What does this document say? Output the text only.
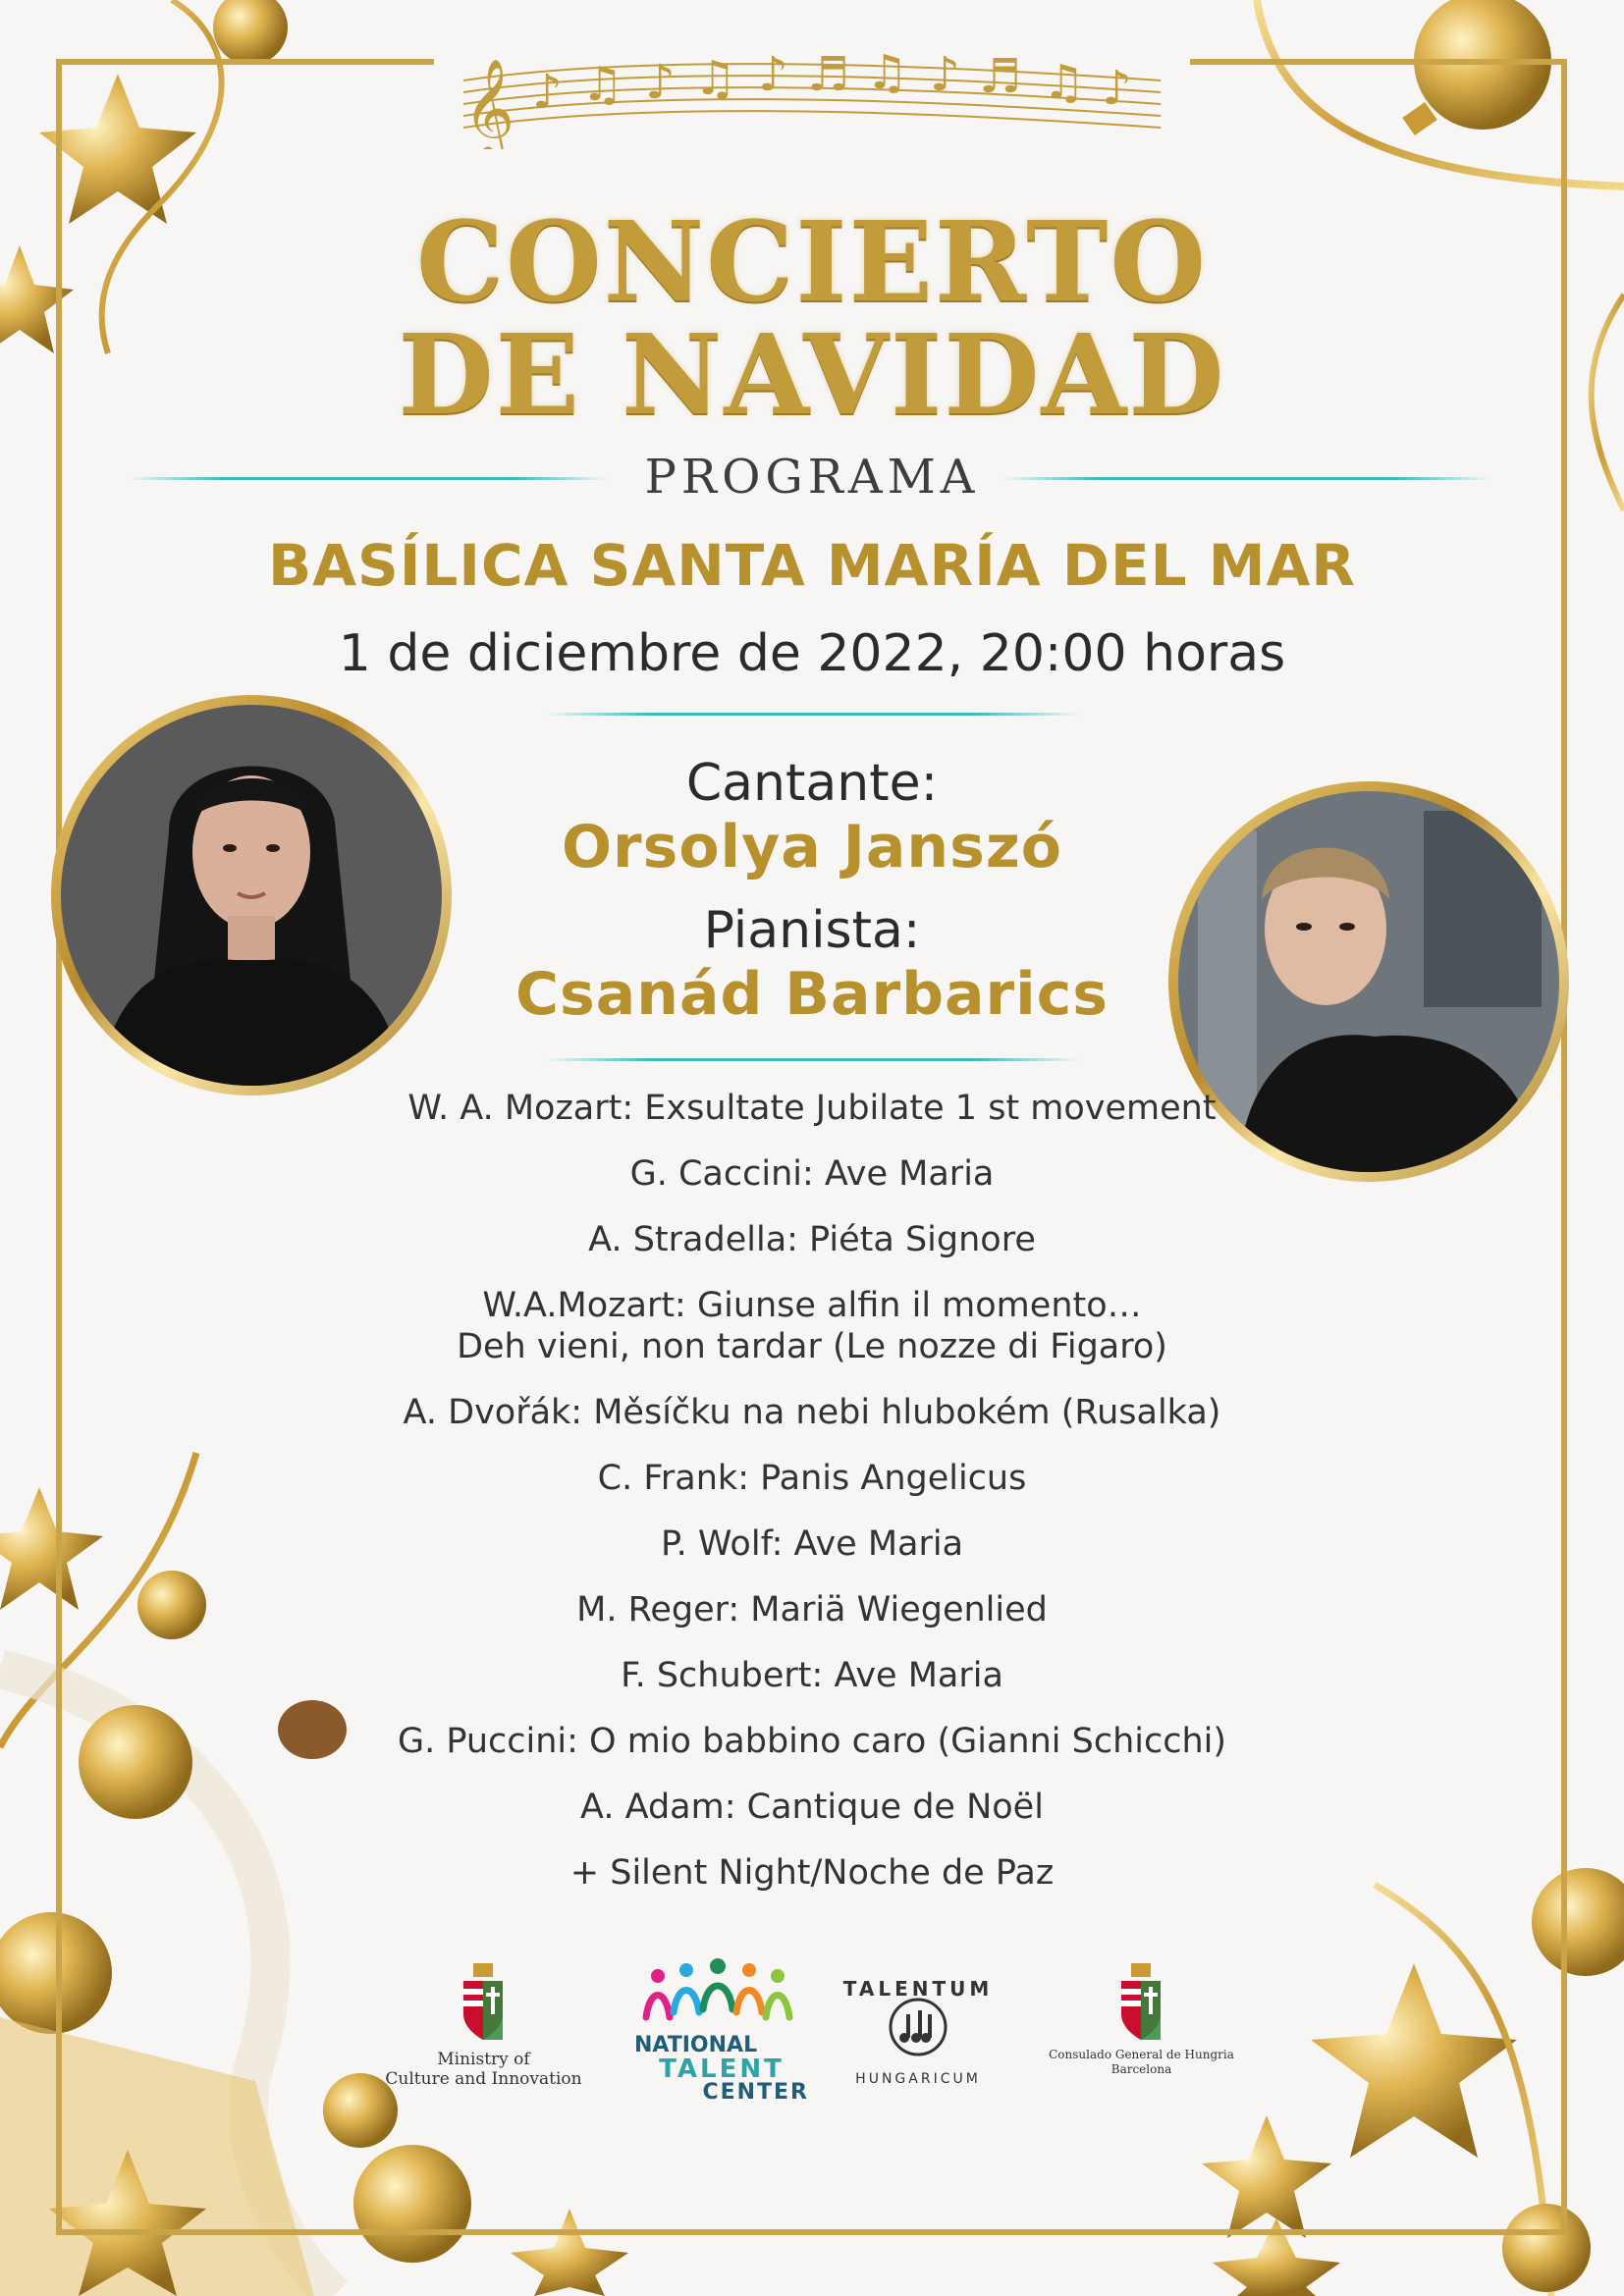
𝄞 ♪ ♫ ♪ ♫ ♪ ♬ ♫ ♪ ♬ ♫ ♪
CONCIERTO
DE NAVIDAD
PROGRAMA
BASÍLICA SANTA MARÍA DEL MAR
1 de diciembre de 2022, 20:00 horas
Cantante:
Orsolya Janszó
Pianista:
Csanád Barbarics
W. A. Mozart: Exsultate Jubilate 1 st movement
G. Caccini: Ave Maria
A. Stradella: Piéta Signore
W.A.Mozart: Giunse alfin il momento…
Deh vieni, non tardar (Le nozze di Figaro)
A. Dvořák: Měsíčku na nebi hlubokém (Rusalka)
C. Frank: Panis Angelicus
P. Wolf: Ave Maria
M. Reger: Mariä Wiegenlied
F. Schubert: Ave Maria
G. Puccini: O mio babbino caro (Gianni Schicchi)
A. Adam: Cantique de Noël
+ Silent Night/Noche de Paz
Ministry of
Culture and Innovation
NATIONAL
TALENT
CENTER
TALENTUM
HUNGARICUM
Consulado General de Hungria
Barcelona
